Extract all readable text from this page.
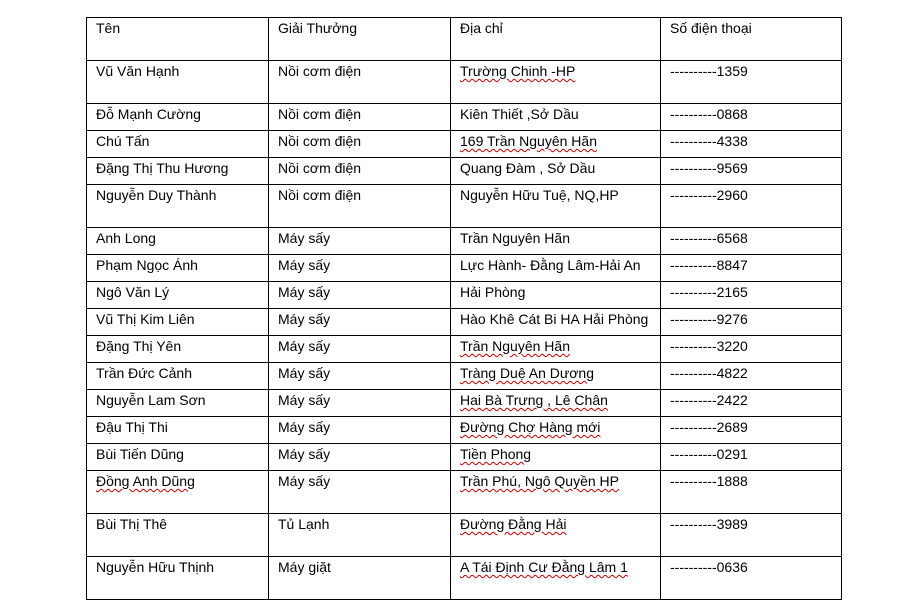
Tên	Giải Thưởng	Địa chỉ	Số điện thoại
Vũ Văn Hạnh	Nồi cơm điện	Trường Chinh -HP	----------1359
Đỗ Mạnh Cường	Nồi cơm điện	Kiên Thiết ,Sở Dầu	----------0868
Chú Tấn	Nồi cơm điện	169 Trần Nguyên Hãn	----------4338
Đặng Thị Thu Hương	Nồi cơm điện	Quang Đàm , Sở Dầu	----------9569
Nguyễn Duy Thành	Nồi cơm điện	Nguyễn Hữu Tuệ, NQ,HP	----------2960
Anh Long	Máy sấy	Trần Nguyên Hãn	----------6568
Phạm Ngọc Ánh	Máy sấy	Lực Hành- Đằng Lâm-Hải An	----------8847
Ngô Văn Lý	Máy sấy	Hải Phòng	----------2165
Vũ Thị Kim Liên	Máy sấy	Hào Khê Cát Bi HA Hải Phòng	----------9276
Đặng Thị Yên	Máy sấy	Trần Nguyên Hãn	----------3220
Trần Đức Cảnh	Máy sấy	Tràng Duệ An Dương	----------4822
Nguyễn Lam Sơn	Máy sấy	Hai Bà Trưng , Lê Chân	----------2422
Đậu Thị Thi	Máy sấy	Đường Chợ Hàng mới	----------2689
Bùi Tiến Dũng	Máy sấy	Tiền Phong	----------0291
Đồng Anh Dũng	Máy sấy	Trần Phú, Ngô Quyền HP	----------1888
Bùi Thị Thê	Tủ Lạnh	Đường Đằng Hải	----------3989
Nguyễn Hữu Thịnh	Máy giặt	A Tái Định Cư Đằng Lâm 1	----------0636
